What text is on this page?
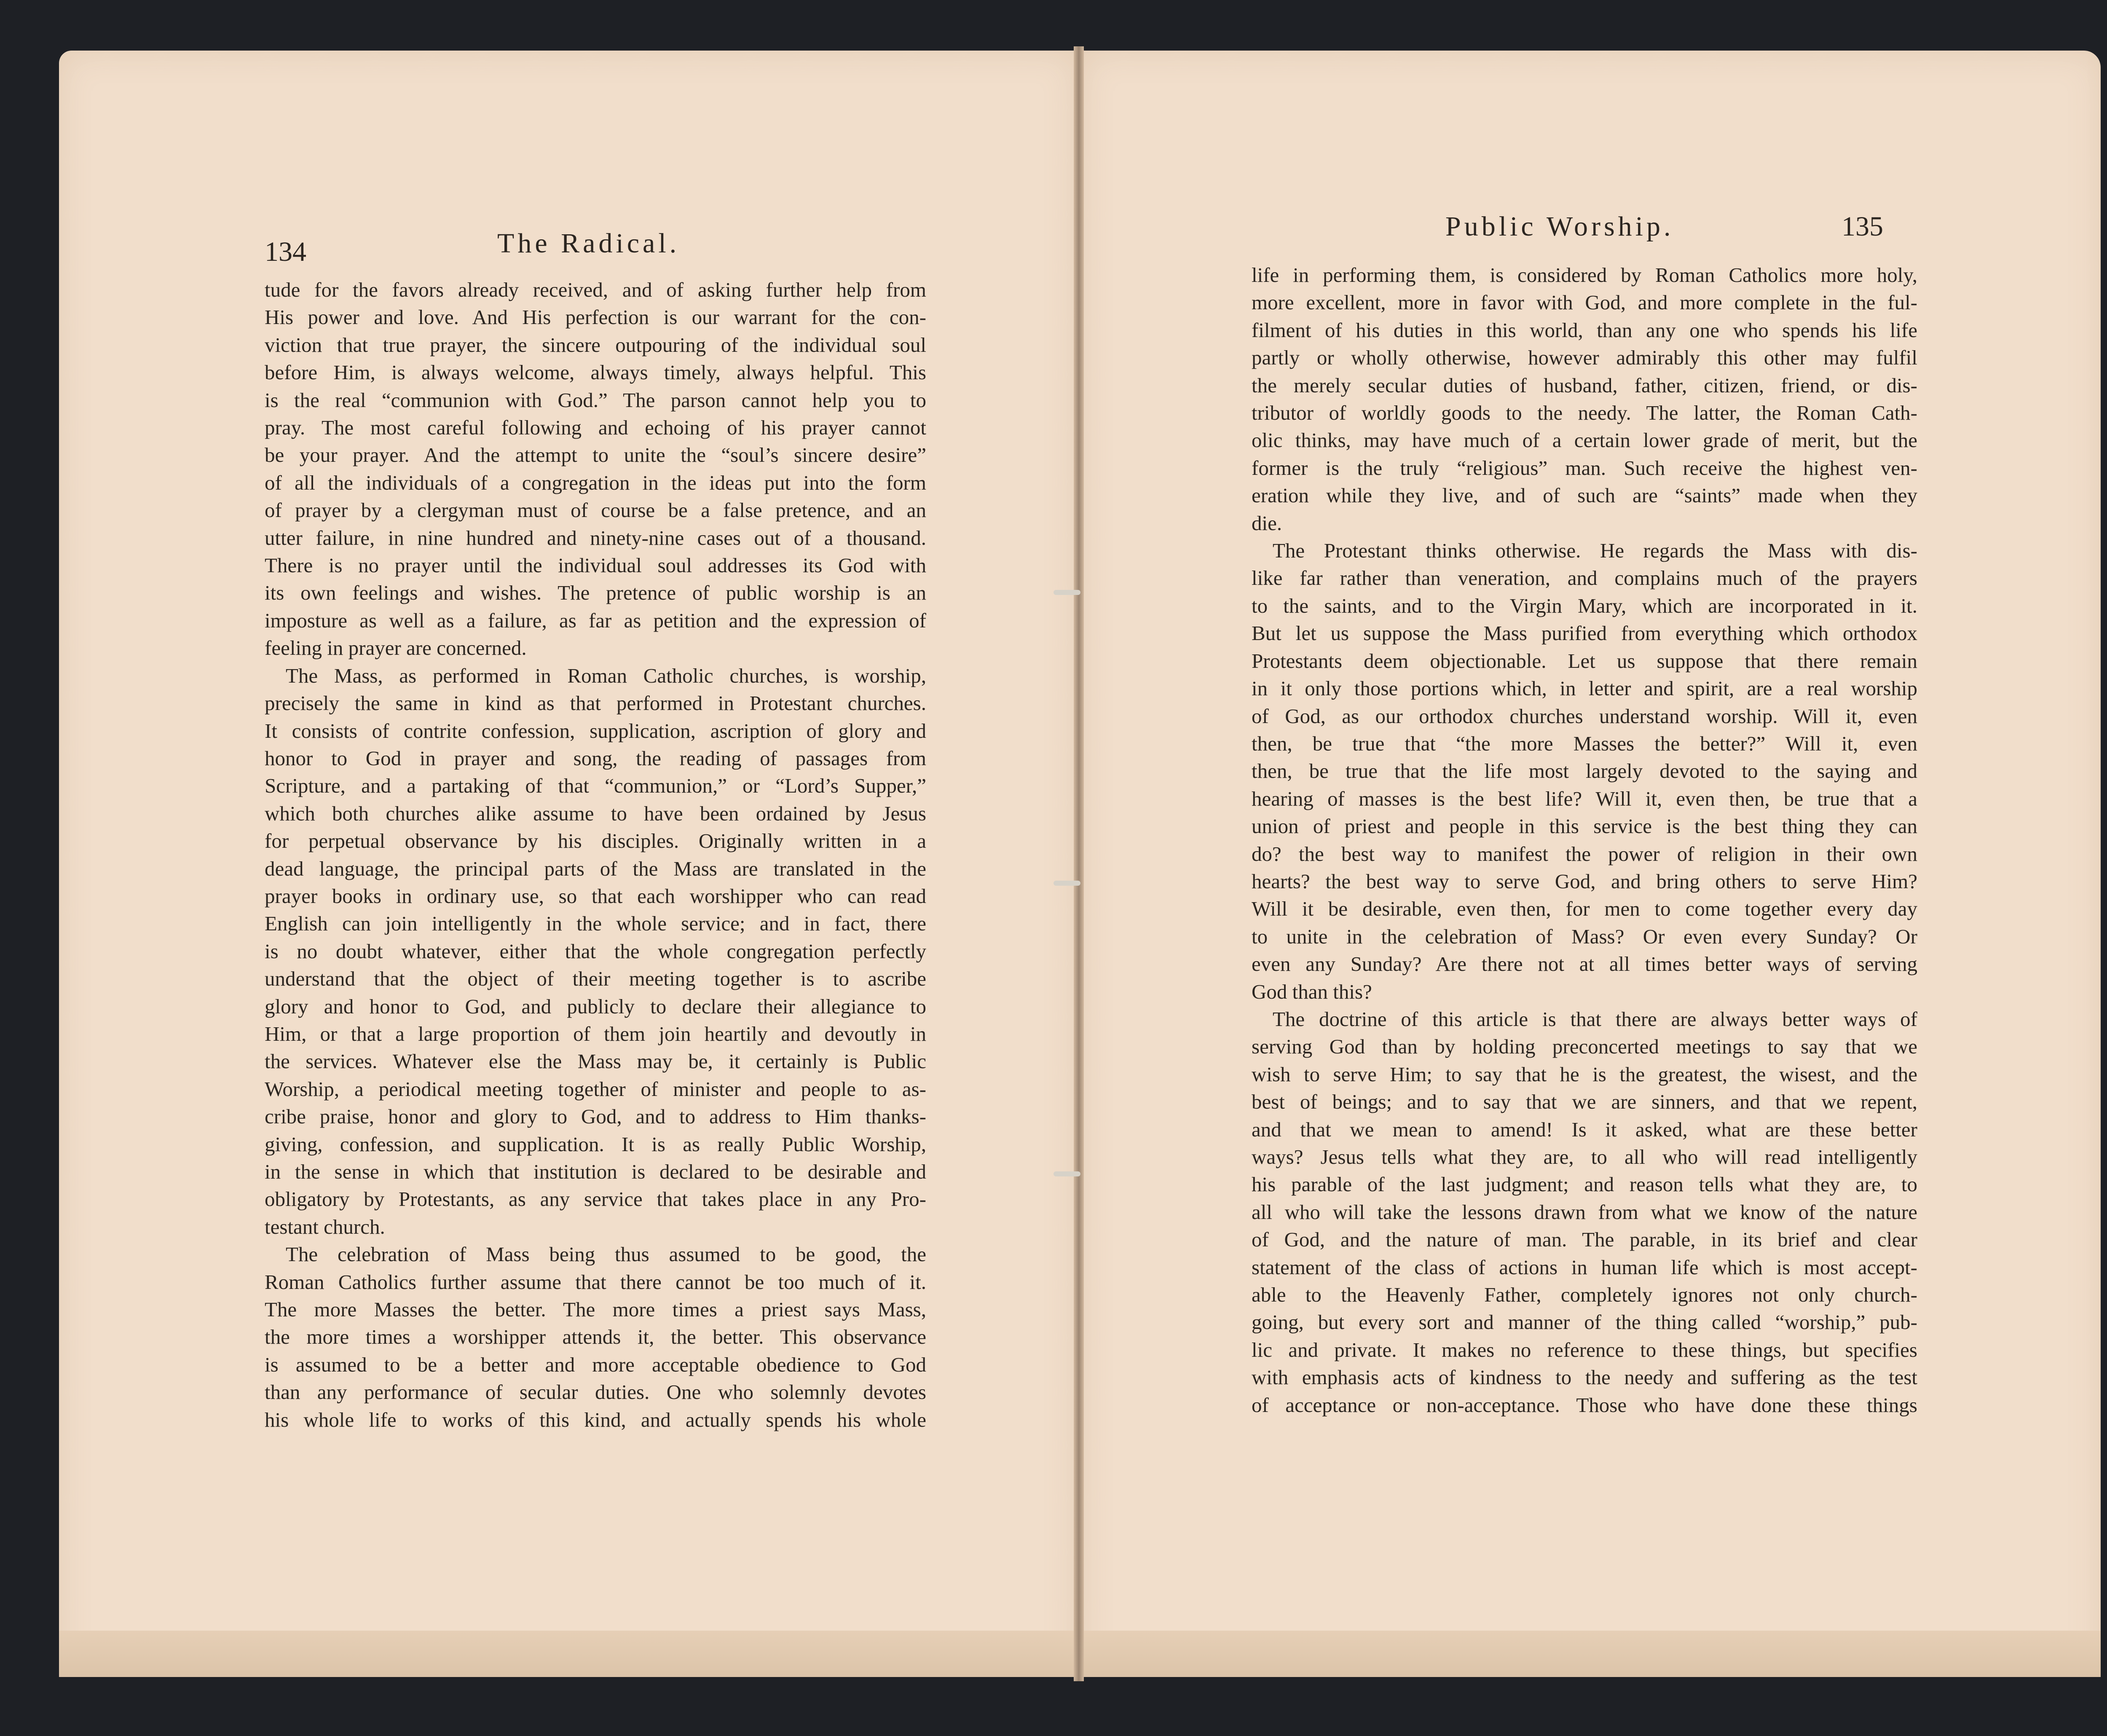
134	The Radical.
Public Worship.	135
tude for the favors already received, and of asking further help from
His power and love. And His perfection is our warrant for the con-
viction that true prayer, the sincere outpouring of the individual soul
before Him, is always welcome, always timely, always helpful. This
is the real “communion with God.” The parson cannot help you to
pray. The most careful following and echoing of his prayer cannot
be your prayer. And the attempt to unite the “soul’s sincere desire”
of all the individuals of a congregation in the ideas put into the form
of prayer by a clergyman must of course be a false pretence, and an
utter failure, in nine hundred and ninety-nine cases out of a thousand.
There is no prayer until the individual soul addresses its God with
its own feelings and wishes. The pretence of public worship is an
imposture as well as a failure, as far as petition and the expression of
feeling in prayer are concerned.
The Mass, as performed in Roman Catholic churches, is worship,
precisely the same in kind as that performed in Protestant churches.
It consists of contrite confession, supplication, ascription of glory and
honor to God in prayer and song, the reading of passages from
Scripture, and a partaking of that “communion,” or “Lord’s Supper,”
which both churches alike assume to have been ordained by Jesus
for perpetual observance by his disciples. Originally written in a
dead language, the principal parts of the Mass are translated in the
prayer books in ordinary use, so that each worshipper who can read
English can join intelligently in the whole service; and in fact, there
is no doubt whatever, either that the whole congregation perfectly
understand that the object of their meeting together is to ascribe
glory and honor to God, and publicly to declare their allegiance to
Him, or that a large proportion of them join heartily and devoutly in
the services. Whatever else the Mass may be, it certainly is Public
Worship, a periodical meeting together of minister and people to as-
cribe praise, honor and glory to God, and to address to Him thanks-
giving, confession, and supplication. It is as really Public Worship,
in the sense in which that institution is declared to be desirable and
obligatory by Protestants, as any service that takes place in any Pro-
testant church.
The celebration of Mass being thus assumed to be good, the
Roman Catholics further assume that there cannot be too much of it.
The more Masses the better. The more times a priest says Mass,
the more times a worshipper attends it, the better. This observance
is assumed to be a better and more acceptable obedience to God
than any performance of secular duties. One who solemnly devotes
his whole life to works of this kind, and actually spends his whole
life in performing them, is considered by Roman Catholics more holy,
more excellent, more in favor with God, and more complete in the ful-
filment of his duties in this world, than any one who spends his life
partly or wholly otherwise, however admirably this other may fulfil
the merely secular duties of husband, father, citizen, friend, or dis-
tributor of worldly goods to the needy. The latter, the Roman Cath-
olic thinks, may have much of a certain lower grade of merit, but the
former is the truly “religious” man. Such receive the highest ven-
eration while they live, and of such are “saints” made when they
die.
The Protestant thinks otherwise. He regards the Mass with dis-
like far rather than veneration, and complains much of the prayers
to the saints, and to the Virgin Mary, which are incorporated in it.
But let us suppose the Mass purified from everything which orthodox
Protestants deem objectionable. Let us suppose that there remain
in it only those portions which, in letter and spirit, are a real worship
of God, as our orthodox churches understand worship. Will it, even
then, be true that “the more Masses the better?” Will it, even
then, be true that the life most largely devoted to the saying and
hearing of masses is the best life? Will it, even then, be true that a
union of priest and people in this service is the best thing they can
do? the best way to manifest the power of religion in their own
hearts? the best way to serve God, and bring others to serve Him?
Will it be desirable, even then, for men to come together every day
to unite in the celebration of Mass? Or even every Sunday? Or
even any Sunday? Are there not at all times better ways of serving
God than this?
The doctrine of this article is that there are always better ways of
serving God than by holding preconcerted meetings to say that we
wish to serve Him; to say that he is the greatest, the wisest, and the
best of beings; and to say that we are sinners, and that we repent,
and that we mean to amend! Is it asked, what are these better
ways? Jesus tells what they are, to all who will read intelligently
his parable of the last judgment; and reason tells what they are, to
all who will take the lessons drawn from what we know of the nature
of God, and the nature of man. The parable, in its brief and clear
statement of the class of actions in human life which is most accept-
able to the Heavenly Father, completely ignores not only church-
going, but every sort and manner of the thing called “worship,” pub-
lic and private. It makes no reference to these things, but specifies
with emphasis acts of kindness to the needy and suffering as the test
of acceptance or non-acceptance. Those who have done these things
